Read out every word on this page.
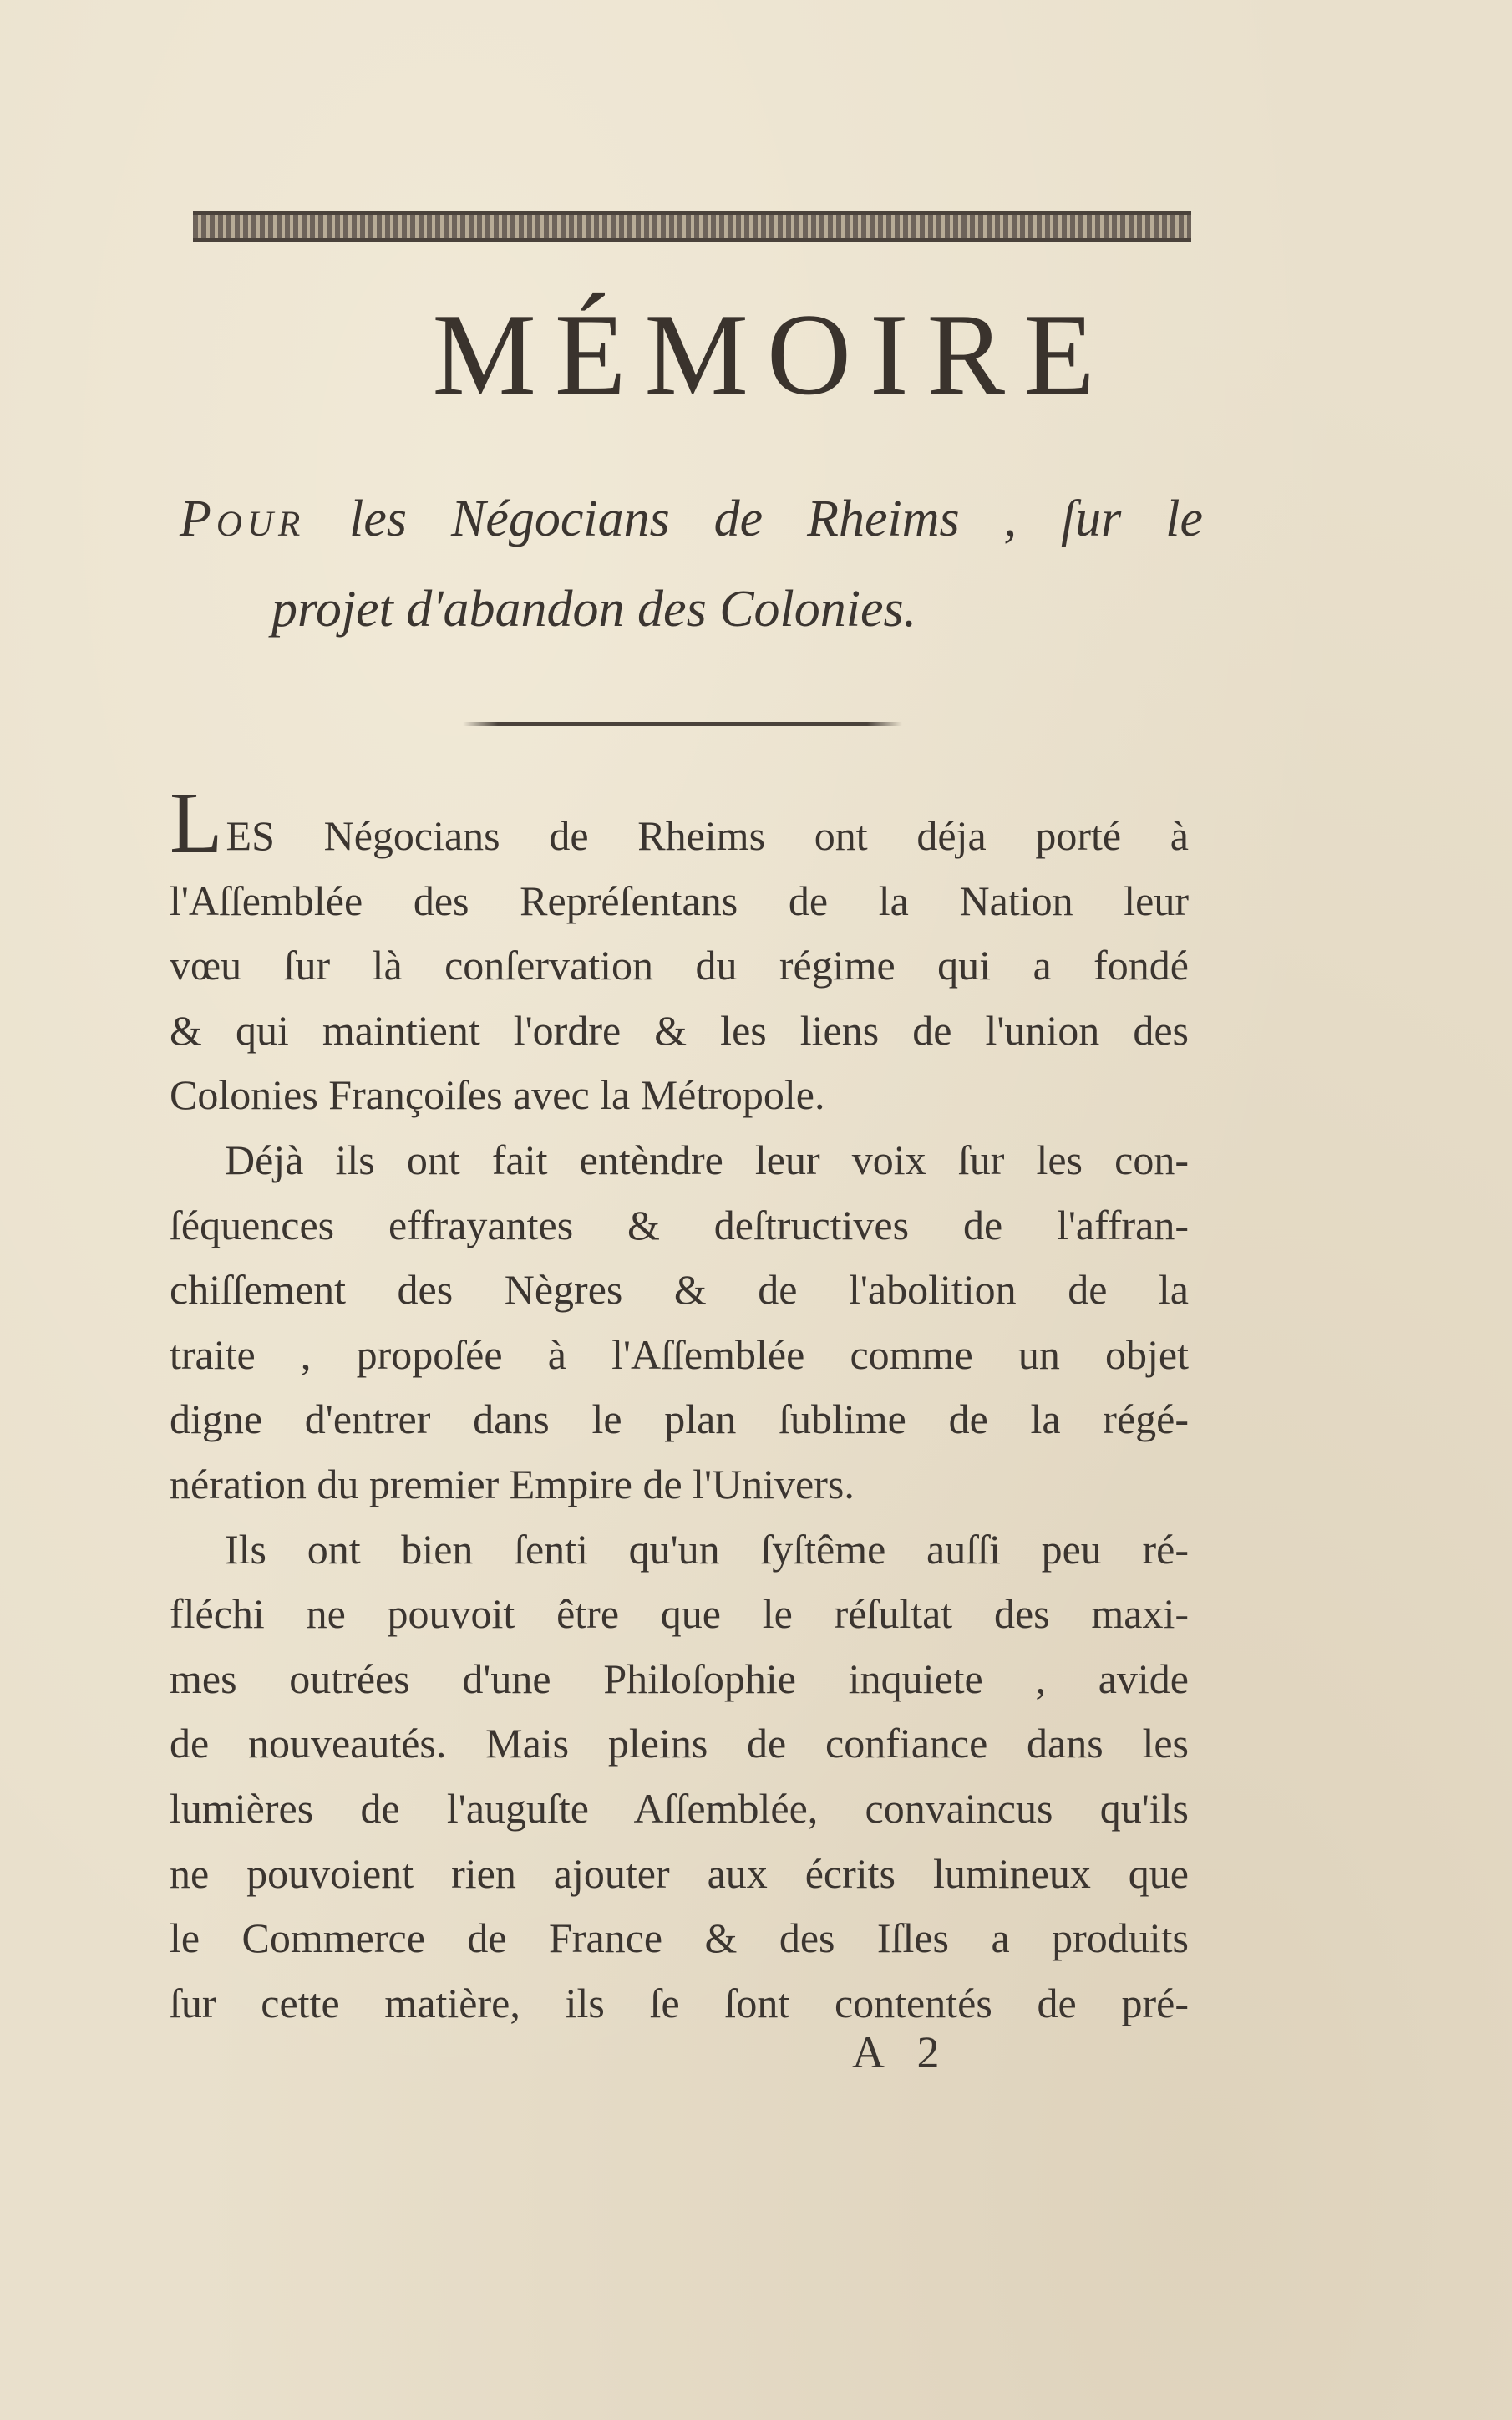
MÉMOIRE
Pour les Négocians de Rheims , ſur le
projet d'abandon des Colonies.
LES Négocians de Rheims ont déja porté à
l'Aſſemblée des Repréſentans de la Nation leur
vœu ſur là conſervation du régime qui a fondé
& qui maintient l'ordre & les liens de l'union des
Colonies Françoiſes avec la Métropole.
Déjà ils ont fait entèndre leur voix ſur les con-
ſéquences effrayantes & deſtructives de l'affran-
chiſſement des Nègres & de l'abolition de la
traite , propoſée à l'Aſſemblée comme un objet
digne d'entrer dans le plan ſublime de la régé-
nération du premier Empire de l'Univers.
Ils ont bien ſenti qu'un ſyſtême auſſi peu ré-
fléchi ne pouvoit être que le réſultat des maxi-
mes outrées d'une Philoſophie inquiete , avide
de nouveautés. Mais pleins de confiance dans les
lumières de l'auguſte Aſſemblée, convaincus qu'ils
ne pouvoient rien ajouter aux écrits lumineux que
le Commerce de France & des Iſles a produits
ſur cette matière, ils ſe ſont contentés de pré-
A 2
